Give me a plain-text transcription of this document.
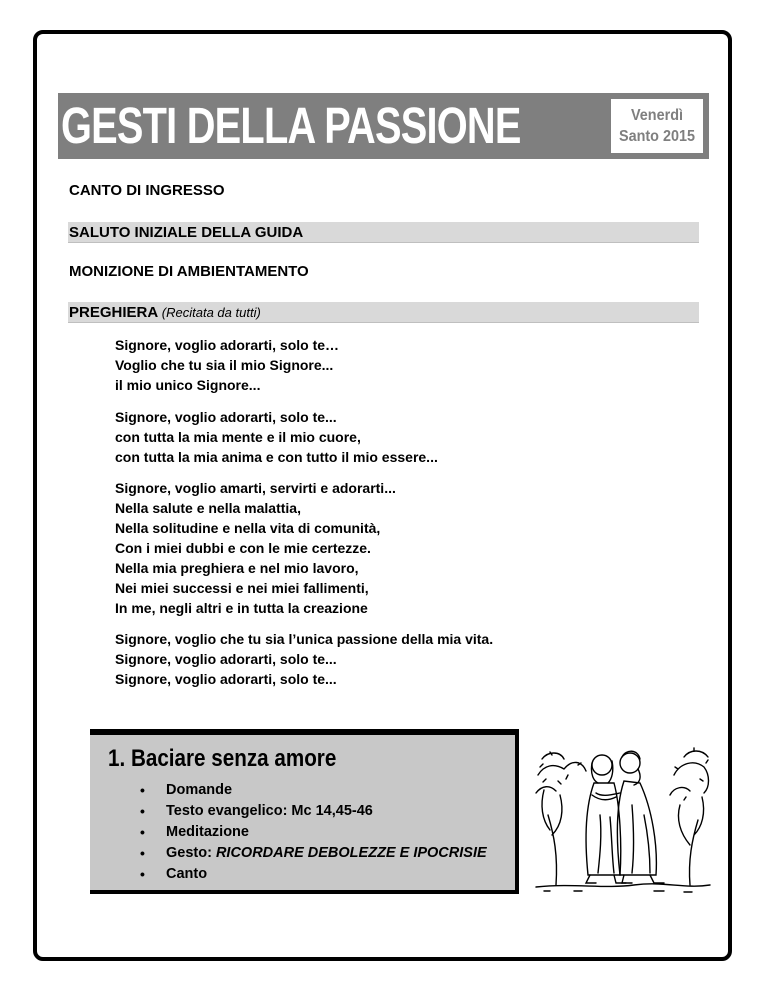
GESTI DELLA PASSIONE	Venerdì
Santo 2015
CANTO DI INGRESSO
SALUTO INIZIALE DELLA GUIDA
MONIZIONE DI AMBIENTAMENTO
PREGHIERA (Recitata da tutti)
Signore, voglio adorarti, solo te…
Voglio che tu sia il mio Signore...
il mio unico Signore...
Signore, voglio adorarti, solo te...
con tutta la mia mente e il mio cuore,
con tutta la mia anima e con tutto il mio essere...
Signore, voglio amarti, servirti e adorarti...
Nella salute e nella malattia,
Nella solitudine e nella vita di comunità,
Con i miei dubbi e con le mie certezze.
Nella mia preghiera e nel mio lavoro,
Nei miei successi e nei miei fallimenti,
In me, negli altri e in tutta la creazione
Signore, voglio che tu sia l’unica passione della mia vita.
Signore, voglio adorarti, solo te...
Signore, voglio adorarti, solo te...
1. Baciare senza amore
• Domande
• Testo evangelico: Mc 14,45-46
• Meditazione
• Gesto: RICORDARE DEBOLEZZE E IPOCRISIE
• Canto
